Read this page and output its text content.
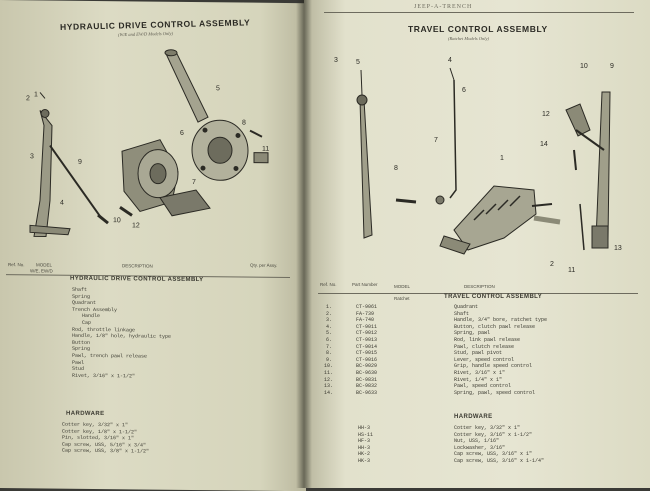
HYDRAULIC DRIVE CONTROL ASSEMBLY
(W/E and EW/D Models Only)
1
2
3
4
5
6
7
8
9
10
11
12
Ref. No.	MODEL
W/E, EW/D
DESCRIPTION	Qty. per Assy.
HYDRAULIC DRIVE CONTROL ASSEMBLY
Shaft
Spring
Quadrant
Trench Assembly
Handle
Cap
Rod, throttle linkage
Handle, 1/8" hole, hydraulic type
Button
Spring
Pawl, trench pawl release
Pawl
Stud
Rivet, 3/16" x 1-1/2"
HARDWARE
Cotter key, 3/32" x 1"
Cotter key, 1/8" x 1-1/2"
Pin, slotted, 3/16" x 1"
Cap screw, USS, 5/16" x 3/4"
Cap screw, USS, 3/8" x 1-1/2"
JEEP-A-TRENCH
TRAVEL CONTROL ASSEMBLY
(Ratchet Models Only)
3	5	4
6
7
8
1
10	9
12
14
2
11
13
Ref. No.	Part Number	MODEL	DESCRIPTION
Ratchet	TRAVEL CONTROL ASSEMBLY
1.	CT-9061	Quadrant
2.	FA-739	Shaft
3.	FA-740	Handle, 3/4" bore, ratchet type
4.	CT-9011	Button, clutch pawl release
5.	CT-9012	Spring, pawl
6.	CT-9013	Rod, link pawl release
7.	CT-9014	Pawl, clutch release
8.	CT-9015	Stud, pawl pivot
9.	CT-9016	Lever, speed control
10.	BC-9029	Grip, handle speed control
11.	BC-9630	Rivet, 3/16" x 1"
12.	BC-9831	Rivet, 1/4" x 1"
13.	BC-9832	Pawl, speed control
14.	BC-9633	Spring, pawl, speed control
HARDWARE
HH-3	Cotter key, 3/32" x 1"
HS-11	Cotter key, 3/16" x 1-1/2"
HF-3	Nut, USS, 1/16"
HH-3	Lockwasher, 3/16"
HK-2	Cap screw, USS, 3/16" x 1"
HK-3	Cap screw, USS, 3/16" x 1-1/4"
